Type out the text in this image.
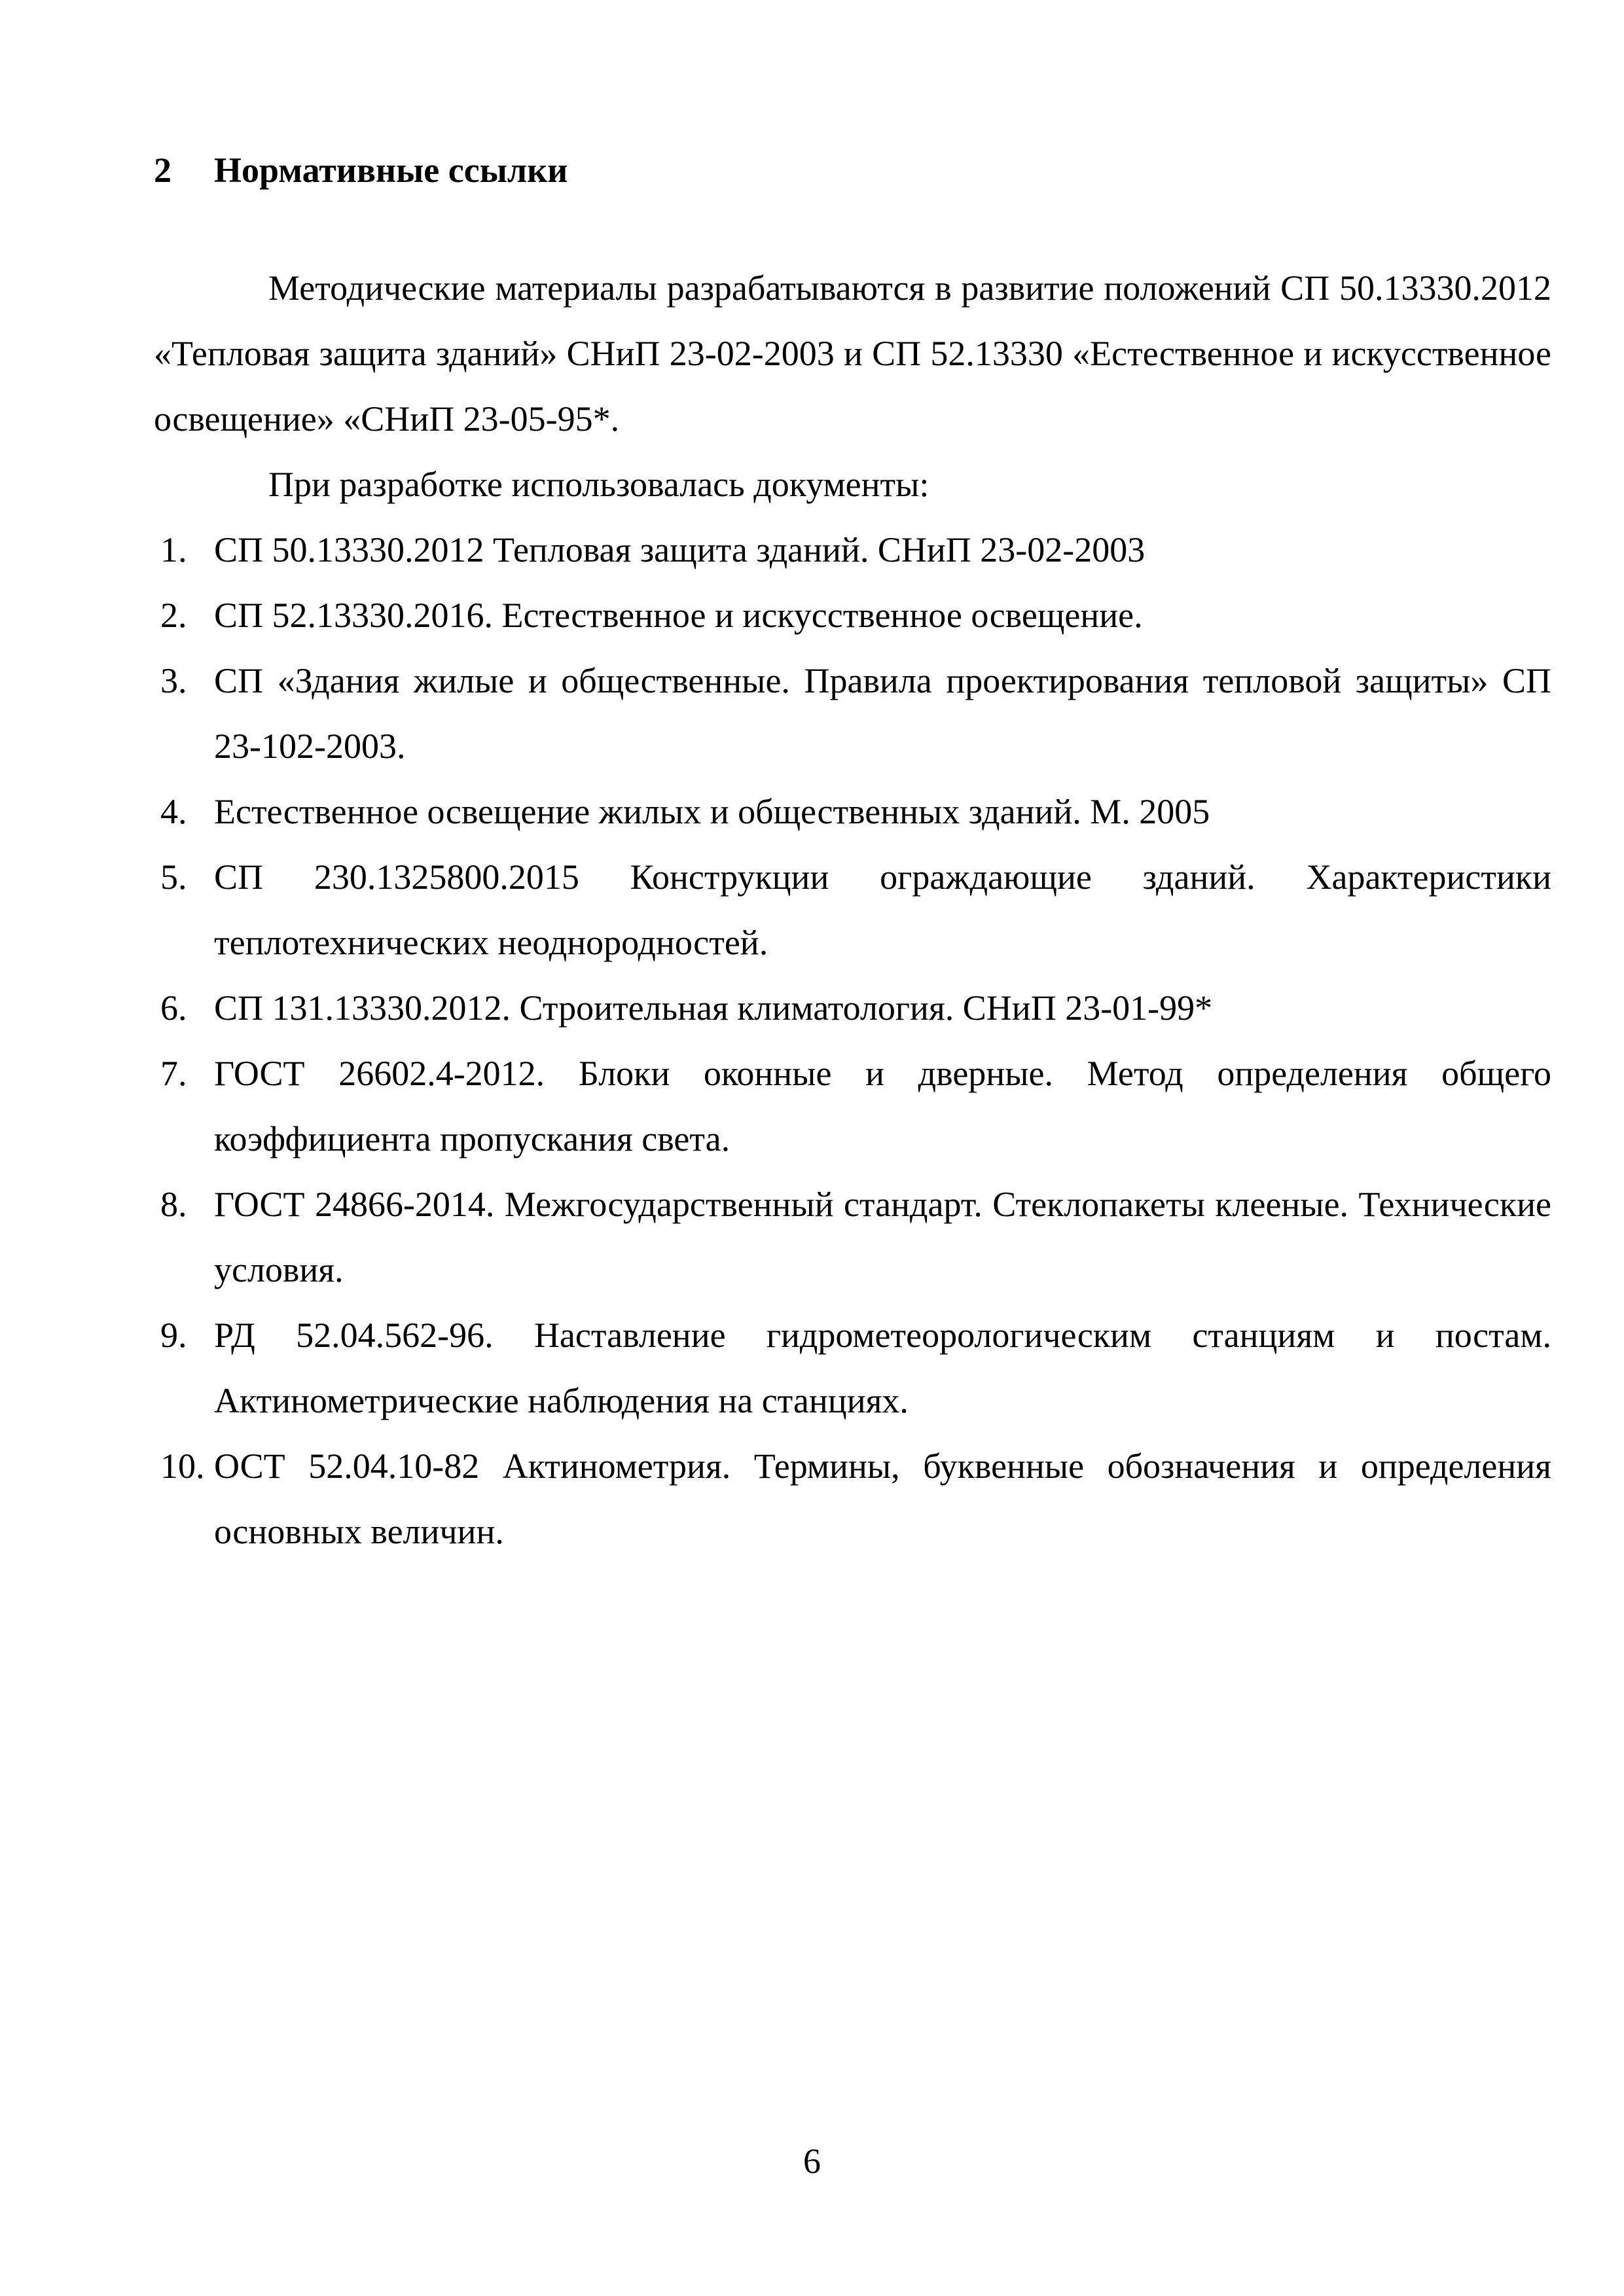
2 Нормативные ссылки

Методические материалы разрабатываются в развитие положений СП 50.13330.2012 «Тепловая защита зданий» СНиП 23-02-2003 и СП 52.13330 «Естественное и искусственное освещение» «СНиП 23-05-95*.

При разработке использовалась документы:

1. СП 50.13330.2012 Тепловая защита зданий. СНиП 23-02-2003
2. СП 52.13330.2016. Естественное и искусственное освещение.
3. СП «Здания жилые и общественные. Правила проектирования тепловой защиты» СП 23-102-2003.
4. Естественное освещение жилых и общественных зданий. М. 2005
5. СП 230.1325800.2015 Конструкции ограждающие зданий. Характеристики теплотехнических неоднородностей.
6. СП 131.13330.2012. Строительная климатология. СНиП 23-01-99*
7. ГОСТ 26602.4-2012. Блоки оконные и дверные. Метод определения общего коэффициента пропускания света.
8. ГОСТ 24866-2014. Межгосударственный стандарт. Стеклопакеты клееные. Технические условия.
9. РД 52.04.562-96. Наставление гидрометеорологическим станциям и постам. Актинометрические наблюдения на станциях.
10. ОСТ 52.04.10-82 Актинометрия. Термины, буквенные обозначения и определения основных величин.
6
